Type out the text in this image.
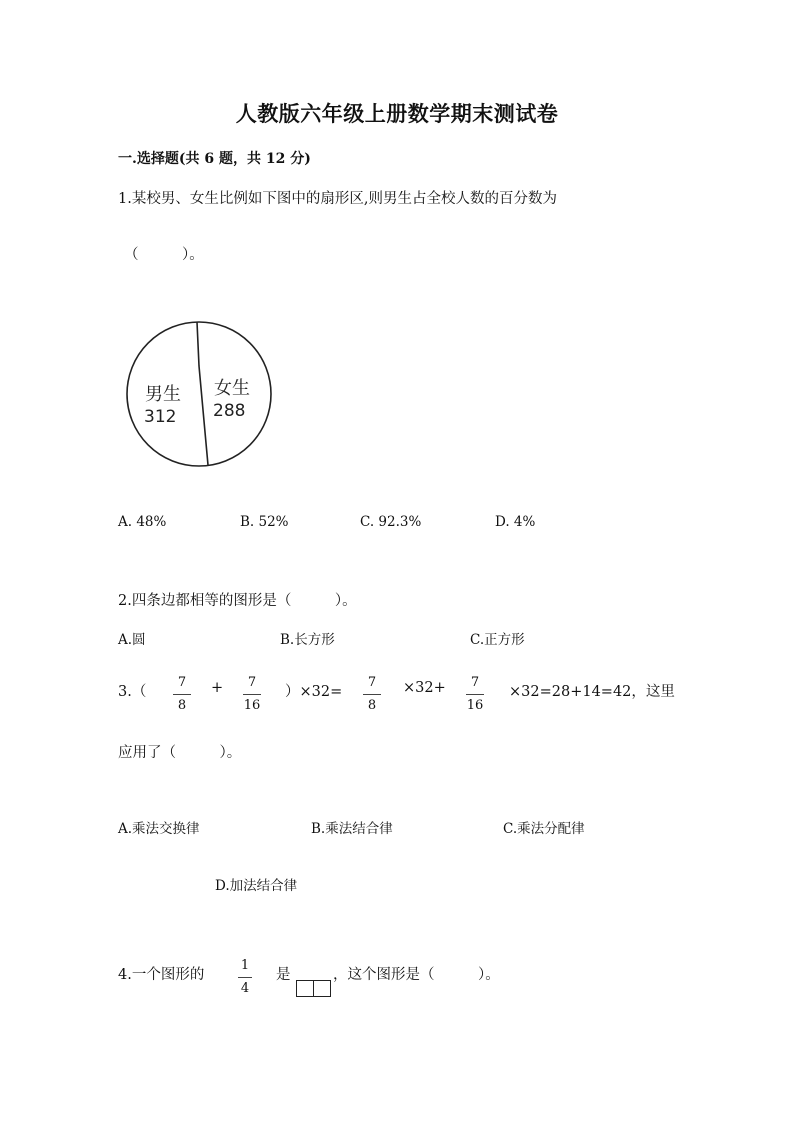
人教版六年级上册数学期末测试卷
一.选择题(共 6 题，共 12 分)
1.某校男、女生比例如下图中的扇形区,则男生占全校人数的百分数为
（　　　）。
男生
312
女生
288
A. 48%	B. 52%	C. 92.3%	D. 4%
2.四条边都相等的图形是（　　　）。
A.圆	B.长方形	C.正方形
3.（
7
8
+ 7
16
）×32=
7
8
×32+ 7
16
×32=28+14=42，这里
应用了（　　　）。
A.乘法交换律	B.乘法结合律	C.乘法分配律
D.加法结合律
4.一个图形的
1
4
是	，这个图形是（　　　）。
